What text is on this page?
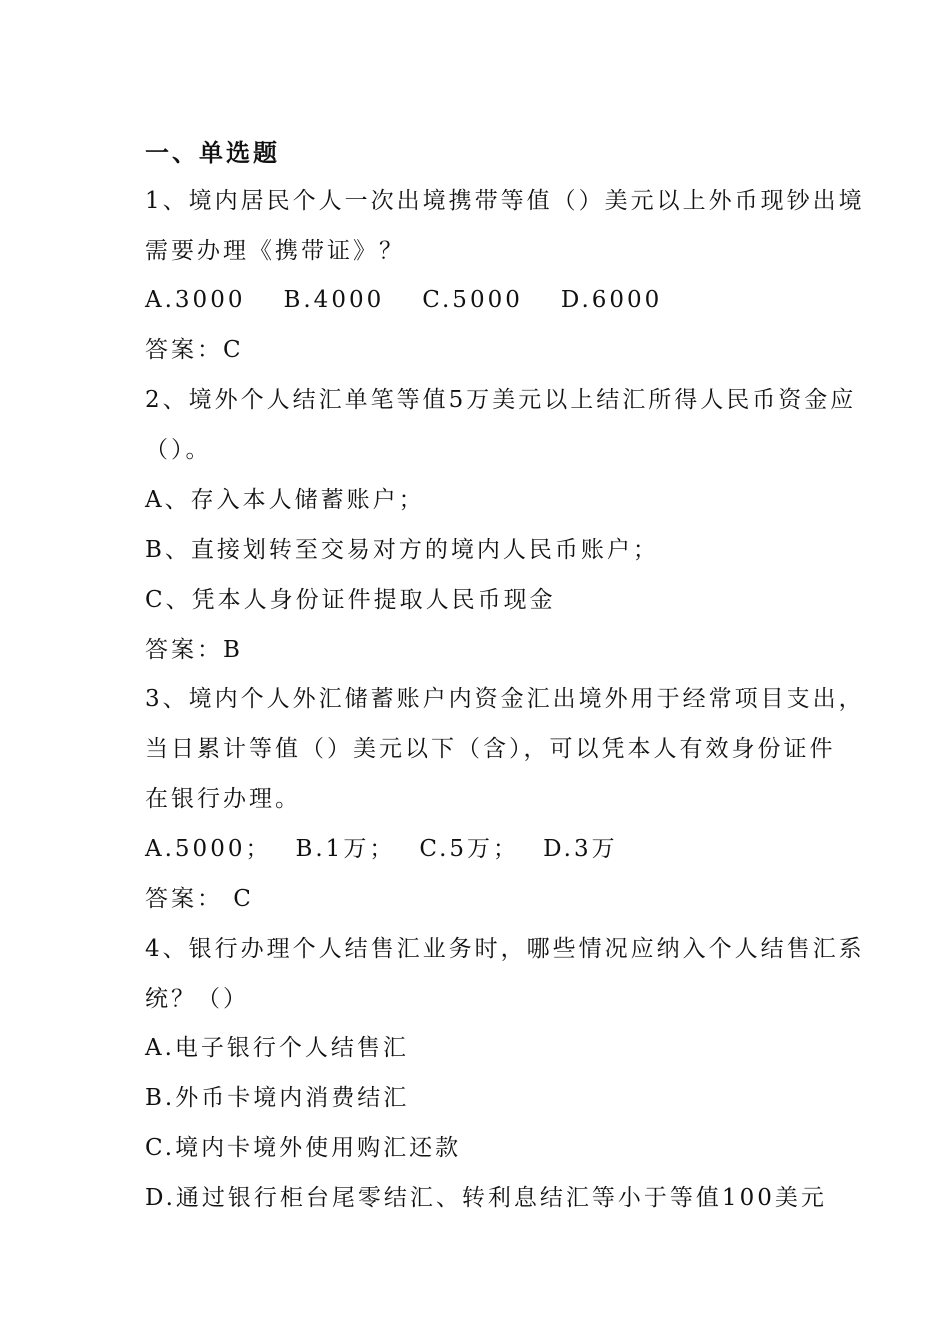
一、单选题
1、境内居民个人一次出境携带等值（）美元以上外币现钞出境
需要办理《携带证》？
A.3000 B.4000 C.5000 D.6000
答案：C
2、境外个人结汇单笔等值5万美元以上结汇所得人民币资金应
（）。
A、存入本人储蓄账户；
B、直接划转至交易对方的境内人民币账户；
C、凭本人身份证件提取人民币现金
答案：B
3、境内个人外汇储蓄账户内资金汇出境外用于经常项目支出，
当日累计等值（）美元以下（含），可以凭本人有效身份证件
在银行办理。
A.5000； B.1万； C.5万； D.3万
答案： C
4、银行办理个人结售汇业务时，哪些情况应纳入个人结售汇系
统？（）
A.电子银行个人结售汇
B.外币卡境内消费结汇
C.境内卡境外使用购汇还款
D.通过银行柜台尾零结汇、转利息结汇等小于等值100美元
